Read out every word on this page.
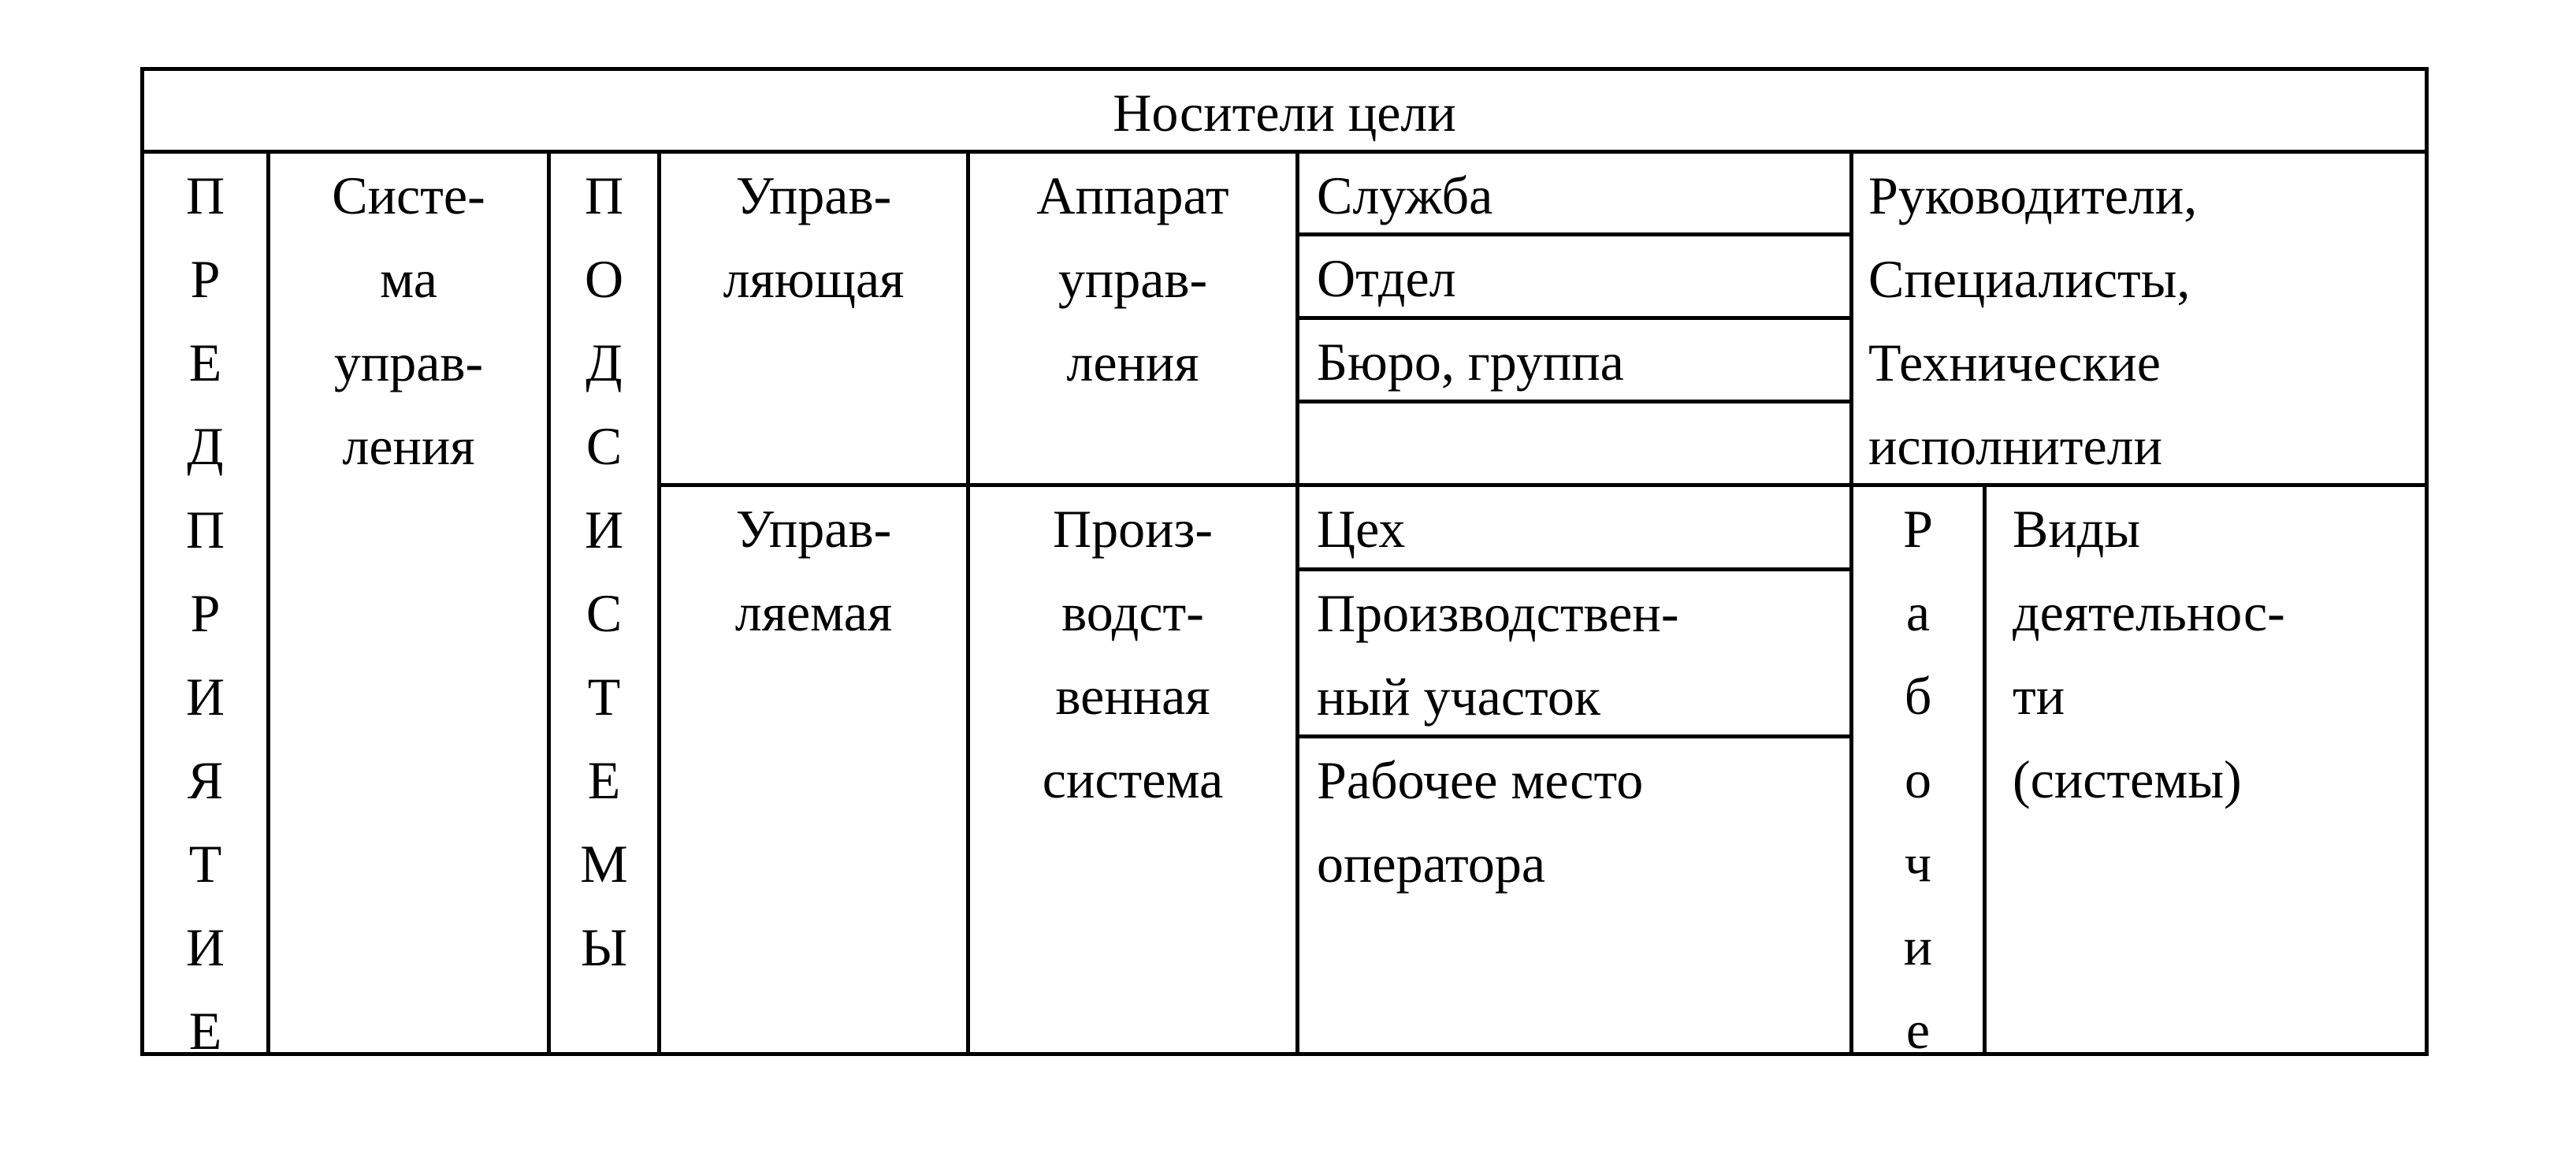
Носители цели
П
Р
Е
Д
П
Р
И
Я
Т
И
Е
Систе-
ма
управ-
ления
П
О
Д
С
И
С
Т
Е
М
Ы
Управ-
ляющая
Управ-
ляемая
Аппарат
управ-
ления
Произ-
водст-
венная
система
Служба
Отдел
Бюро, группа
Цех
Производствен-
ный участок
Рабочее место
оператора
Руководители,
Специалисты,
Технические
исполнители
Р
а
б
о
ч
и
е
Виды
деятельнос-
ти
(системы)
